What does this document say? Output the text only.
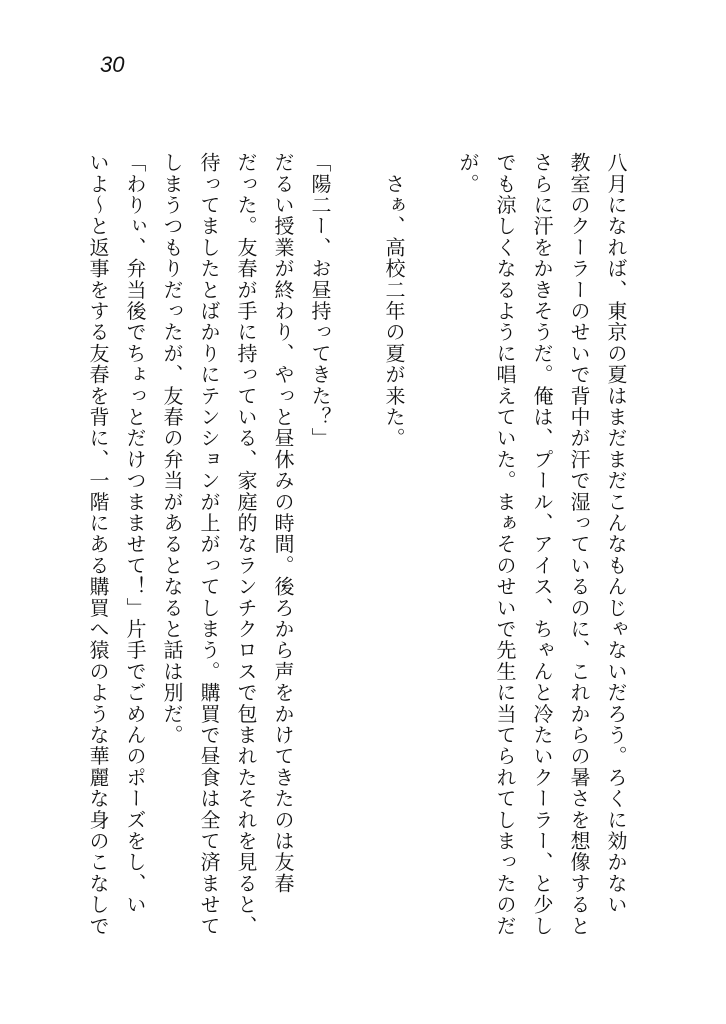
30
八月になれば、東京の夏はまだまだこんなもんじゃないだろう。ろくに効かない
教室のクーラーのせいで背中が汗で湿っているのに、これからの暑さを想像すると
さらに汗をかきそうだ。俺は、プール、アイス、ちゃんと冷たいクーラー、と少し
でも涼しくなるように唱えていた。まぁそのせいで先生に当てられてしまったのだ
が。

　さぁ、高校二年の夏が来た。

「陽二ー、お昼持ってきた？」
だるい授業が終わり、やっと昼休みの時間。後ろから声をかけてきたのは友春
だった。友春が手に持っている、家庭的なランチクロスで包まれたそれを見ると、
待ってましたとばかりにテンションが上がってしまう。購買で昼食は全て済ませて
しまうつもりだったが、友春の弁当があるとなると話は別だ。
「わりぃ、弁当後でちょっとだけつまませて！」片手でごめんのポーズをし、い
いよ〜と返事をする友春を背に、一階にある購買へ猿のような華麗な身のこなしで
